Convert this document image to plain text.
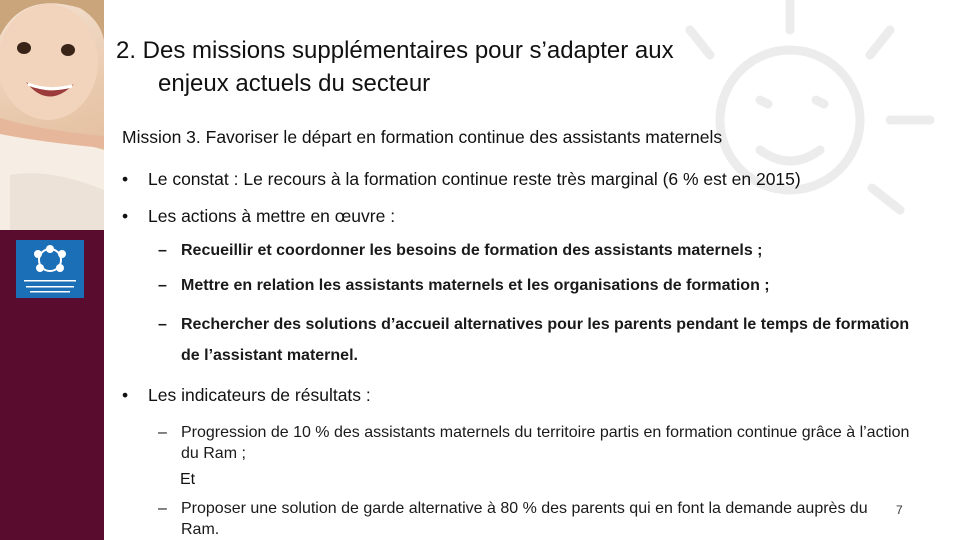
2. Des missions supplémentaires pour s’adapter aux
enjeux actuels du secteur
Mission 3. Favoriser le départ en formation continue des assistants maternels
• Le constat : Le recours à la formation continue reste très marginal (6 % est en 2015)
• Les actions à mettre en œuvre :
– Recueillir et coordonner les besoins de formation des assistants maternels ;
– Mettre en relation les assistants maternels et les organisations de formation ;
– Rechercher des solutions d’accueil alternatives pour les parents pendant le temps de formation de l’assistant maternel.
• Les indicateurs de résultats :
– Progression de 10 % des assistants maternels du territoire partis en formation continue grâce à l’action du Ram ;
Et
– Proposer une solution de garde alternative à 80 % des parents qui en font la demande auprès du Ram.
7
